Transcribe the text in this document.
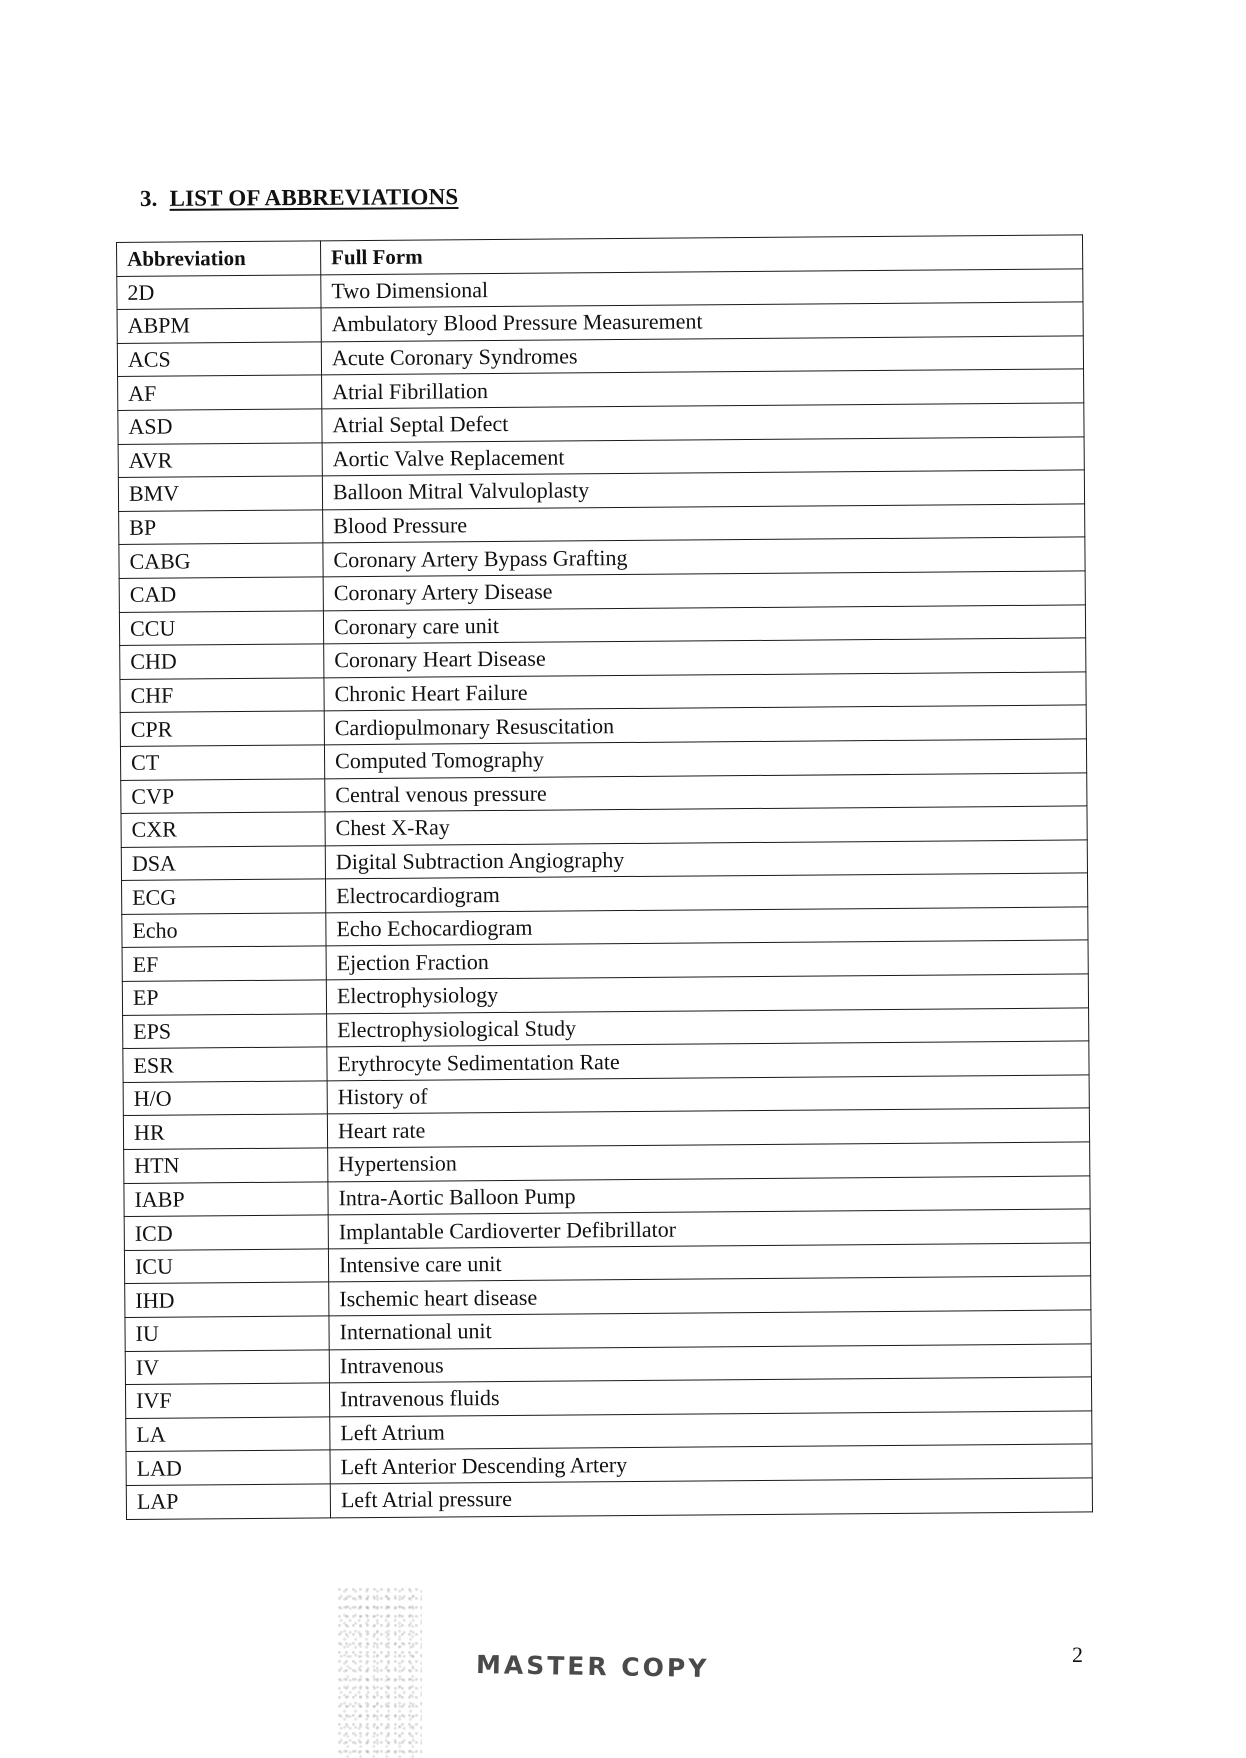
3. LIST OF ABBREVIATIONS
Abbreviation	Full Form
2D	Two Dimensional
ABPM	Ambulatory Blood Pressure Measurement
ACS	Acute Coronary Syndromes
AF	Atrial Fibrillation
ASD	Atrial Septal Defect
AVR	Aortic Valve Replacement
BMV	Balloon Mitral Valvuloplasty
BP	Blood Pressure
CABG	Coronary Artery Bypass Grafting
CAD	Coronary Artery Disease
CCU	Coronary care unit
CHD	Coronary Heart Disease
CHF	Chronic Heart Failure
CPR	Cardiopulmonary Resuscitation
CT	Computed Tomography
CVP	Central venous pressure
CXR	Chest X-Ray
DSA	Digital Subtraction Angiography
ECG	Electrocardiogram
Echo	Echo Echocardiogram
EF	Ejection Fraction
EP	Electrophysiology
EPS	Electrophysiological Study
ESR	Erythrocyte Sedimentation Rate
H/O	History of
HR	Heart rate
HTN	Hypertension
IABP	Intra-Aortic Balloon Pump
ICD	Implantable Cardioverter Defibrillator
ICU	Intensive care unit
IHD	Ischemic heart disease
IU	International unit
IV	Intravenous
IVF	Intravenous fluids
LA	Left Atrium
LAD	Left Anterior Descending Artery
LAP	Left Atrial pressure
MASTER COPY	2
